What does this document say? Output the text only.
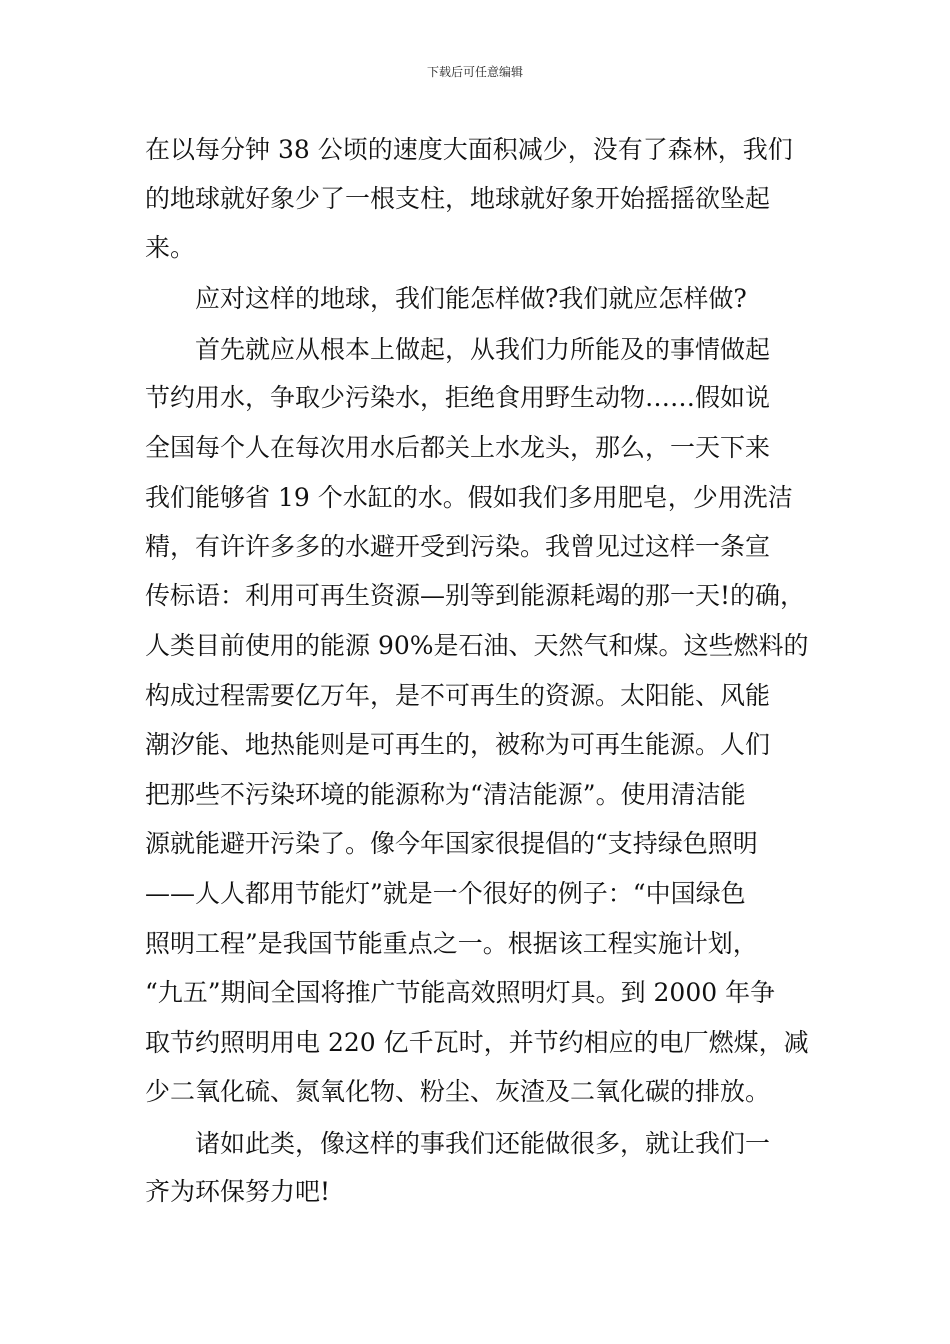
下载后可任意编辑
在以每分钟 38 公顷的速度大面积减少，没有了森林，我们
的地球就好象少了一根支柱，地球就好象开始摇摇欲坠起
来。
应对这样的地球，我们能怎样做?我们就应怎样做?
首先就应从根本上做起，从我们力所能及的事情做起
节约用水，争取少污染水，拒绝食用野生动物……假如说
全国每个人在每次用水后都关上水龙头，那么，一天下来
我们能够省 19 个水缸的水。假如我们多用肥皂，少用洗洁
精，有许许多多的水避开受到污染。我曾见过这样一条宣
传标语：利用可再生资源—别等到能源耗竭的那一天!的确，
人类目前使用的能源 90%是石油、天然气和煤。这些燃料的
构成过程需要亿万年，是不可再生的资源。太阳能、风能
潮汐能、地热能则是可再生的，被称为可再生能源。人们
把那些不污染环境的能源称为“清洁能源”。使用清洁能
源就能避开污染了。像今年国家很提倡的“支持绿色照明
——人人都用节能灯”就是一个很好的例子：“中国绿色
照明工程”是我国节能重点之一。根据该工程实施计划，
“九五”期间全国将推广节能高效照明灯具。到 2000 年争
取节约照明用电 220 亿千瓦时，并节约相应的电厂燃煤，减
少二氧化硫、氮氧化物、粉尘、灰渣及二氧化碳的排放。
诸如此类，像这样的事我们还能做很多，就让我们一
齐为环保努力吧!
